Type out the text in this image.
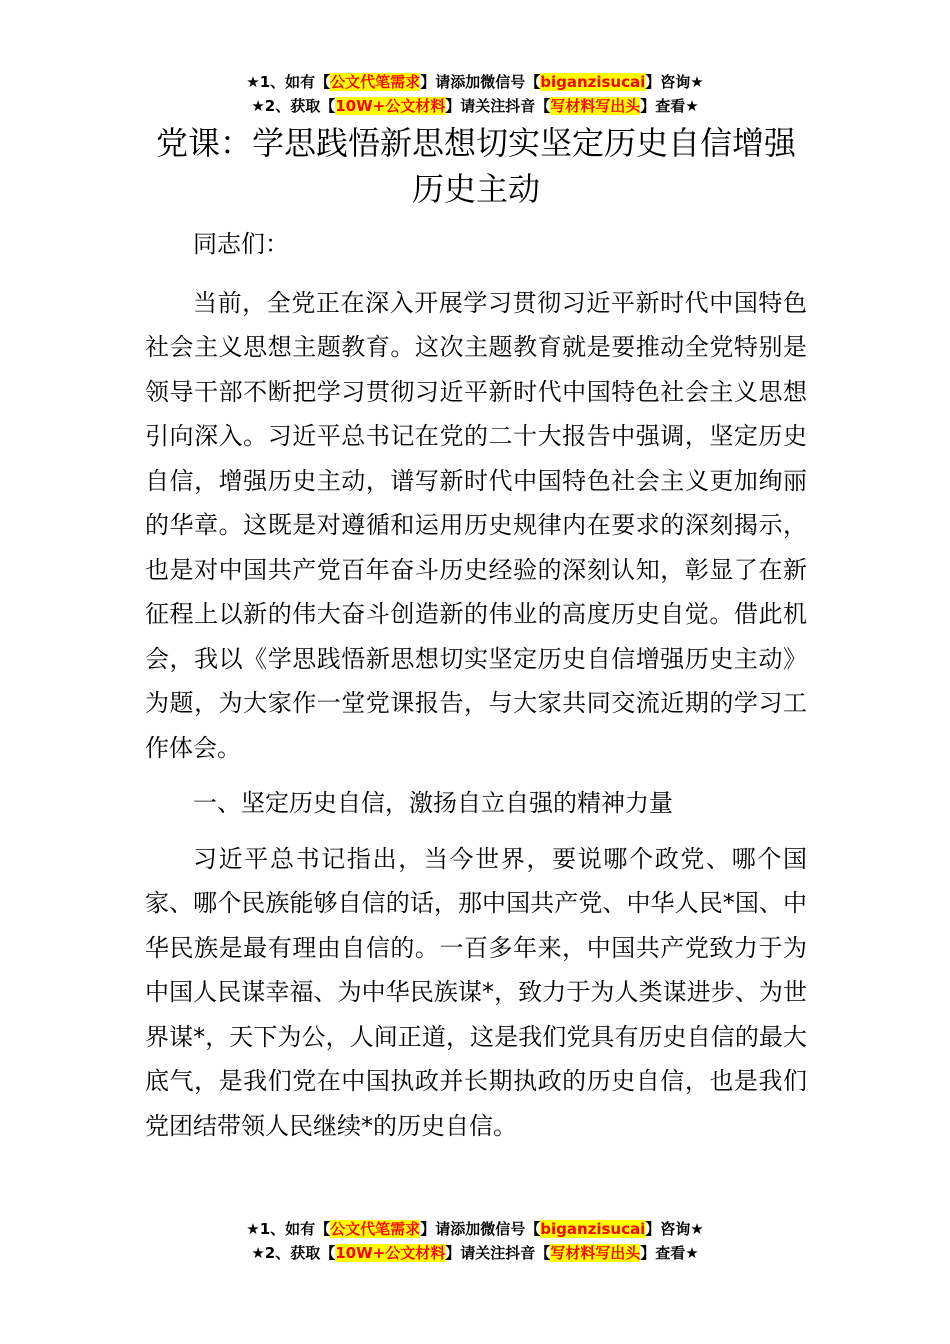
★1、如有【公文代笔需求】请添加微信号【biganzisucai】咨询★
★2、获取【10W+公文材料】请关注抖音【写材料写出头】查看★
党课：学思践悟新思想切实坚定历史自信增强历史主动

同志们：

当前，全党正在深入开展学习贯彻习近平新时代中国特色社会主义思想主题教育。这次主题教育就是要推动全党特别是领导干部不断把学习贯彻习近平新时代中国特色社会主义思想引向深入。习近平总书记在党的二十大报告中强调，坚定历史自信，增强历史主动，谱写新时代中国特色社会主义更加绚丽的华章。这既是对遵循和运用历史规律内在要求的深刻揭示，也是对中国共产党百年奋斗历史经验的深刻认知，彰显了在新征程上以新的伟大奋斗创造新的伟业的高度历史自觉。借此机会，我以《学思践悟新思想切实坚定历史自信增强历史主动》为题，为大家作一堂党课报告，与大家共同交流近期的学习工作体会。

一、坚定历史自信，激扬自立自强的精神力量

习近平总书记指出，当今世界，要说哪个政党、哪个国家、哪个民族能够自信的话，那中国共产党、中华人民*国、中华民族是最有理由自信的。一百多年来，中国共产党致力于为中国人民谋幸福、为中华民族谋*，致力于为人类谋进步、为世界谋*，天下为公，人间正道，这是我们党具有历史自信的最大底气，是我们党在中国执政并长期执政的历史自信，也是我们党团结带领人民继续*的历史自信。

★1、如有【公文代笔需求】请添加微信号【biganzisucai】咨询★
★2、获取【10W+公文材料】请关注抖音【写材料写出头】查看★
